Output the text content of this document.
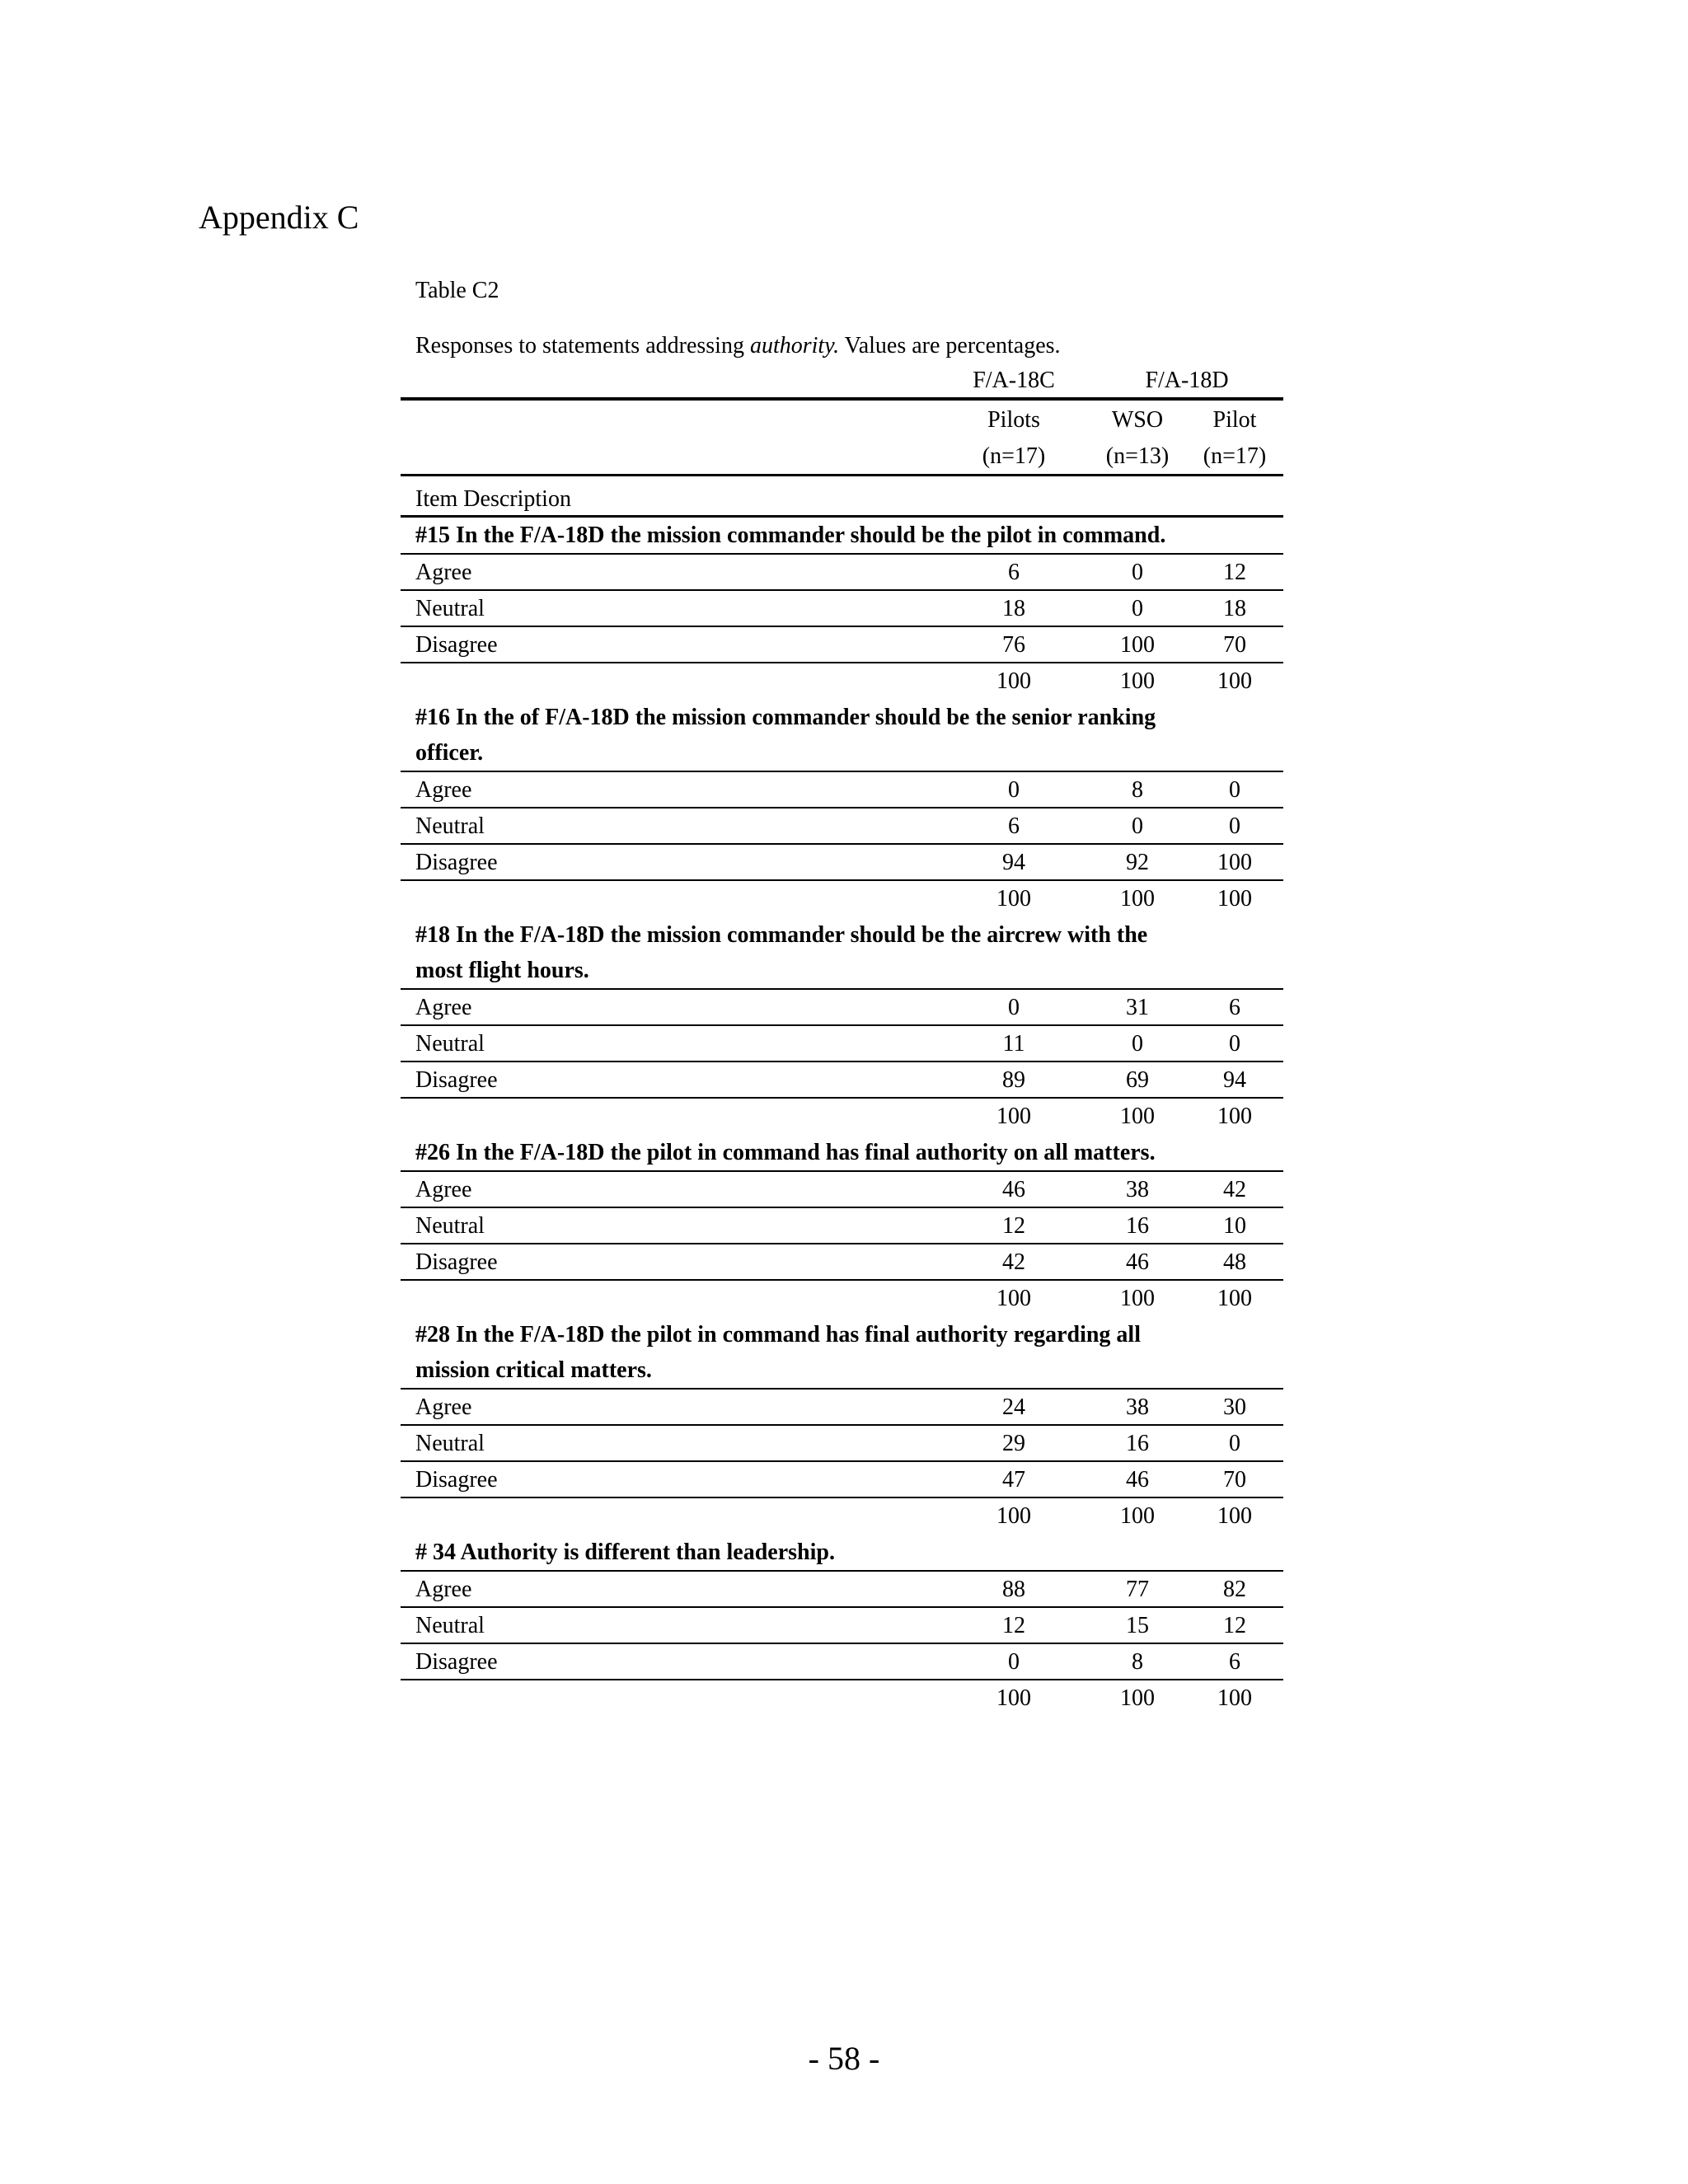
Appendix C
Table C2
Responses to statements addressing authority. Values are percentages.
F/A-18C	F/A-18D
Pilots	WSO	Pilot
(n=17)	(n=13)	(n=17)
Item Description
#15 In the F/A-18D the mission commander should be the pilot in command.
Agree	6	0	12
Neutral	18	0	18
Disagree	76	100	70
100	100	100
#16 In the of F/A-18D the mission commander should be the senior ranking
officer.
Agree	0	8	0
Neutral	6	0	0
Disagree	94	92	100
100	100	100
#18 In the F/A-18D the mission commander should be the aircrew with the
most flight hours.
Agree	0	31	6
Neutral	11	0	0
Disagree	89	69	94
100	100	100
#26 In the F/A-18D the pilot in command has final authority on all matters.
Agree	46	38	42
Neutral	12	16	10
Disagree	42	46	48
100	100	100
#28 In the F/A-18D the pilot in command has final authority regarding all
mission critical matters.
Agree	24	38	30
Neutral	29	16	0
Disagree	47	46	70
100	100	100
# 34 Authority is different than leadership.
Agree	88	77	82
Neutral	12	15	12
Disagree	0	8	6
100	100	100
- 58 -
